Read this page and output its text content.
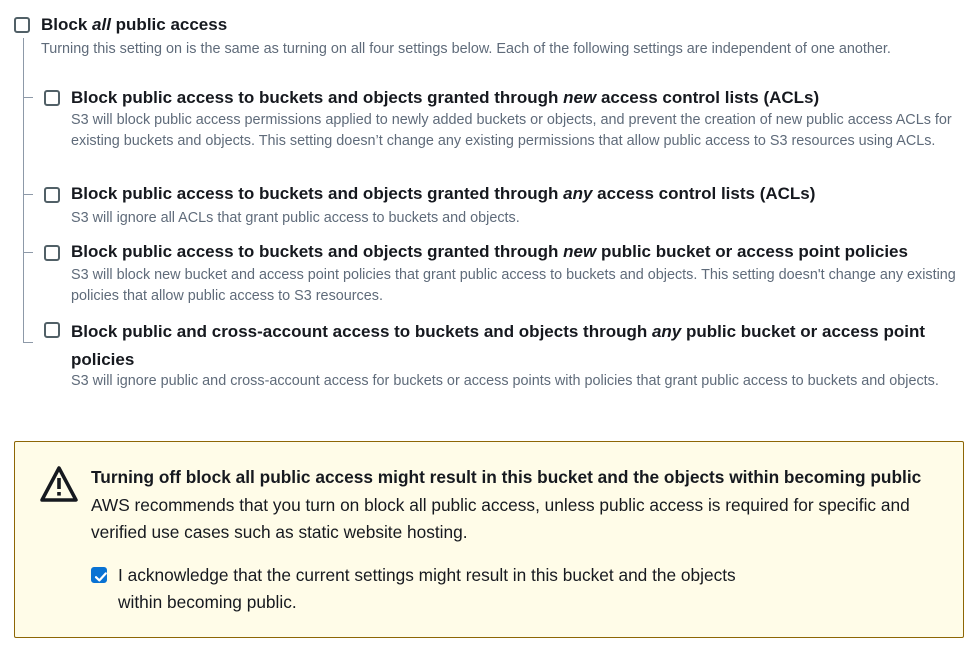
Block all public access
Turning this setting on is the same as turning on all four settings below. Each of the following settings are independent of one another.
Block public access to buckets and objects granted through new access control lists (ACLs)
S3 will block public access permissions applied to newly added buckets or objects, and prevent the creation of new public access ACLs for existing buckets and objects. This setting doesn’t change any existing permissions that allow public access to S3 resources using ACLs.
Block public access to buckets and objects granted through any access control lists (ACLs)
S3 will ignore all ACLs that grant public access to buckets and objects.
Block public access to buckets and objects granted through new public bucket or access point policies
S3 will block new bucket and access point policies that grant public access to buckets and objects. This setting doesn't change any existing policies that allow public access to S3 resources.
Block public and cross-account access to buckets and objects through any public bucket or access point policies
S3 will ignore public and cross-account access for buckets or access points with policies that grant public access to buckets and objects.
Turning off block all public access might result in this bucket and the objects within becoming public
AWS recommends that you turn on block all public access, unless public access is required for specific and verified use cases such as static website hosting.
I acknowledge that the current settings might result in this bucket and the objects within becoming public.
